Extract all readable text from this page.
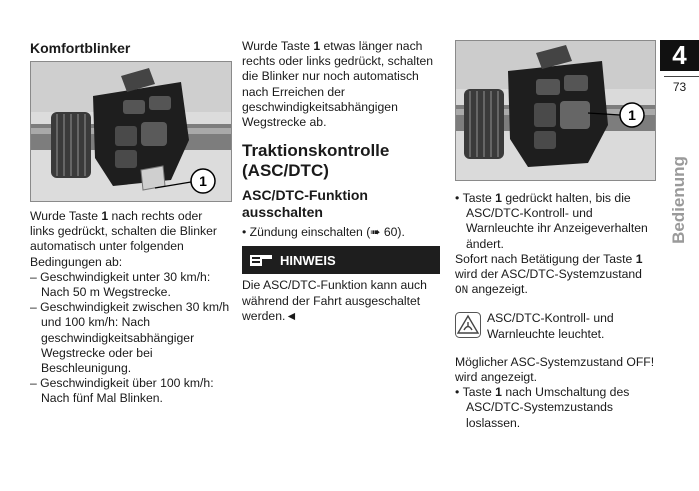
Komfortblinker
1

Wurde Taste 1 nach rechts oder links gedrückt, schalten die Blinker automatisch unter folgenden Bedingungen ab:

– Geschwindigkeit unter 30 km/h: Nach 50 m Wegstrecke.
– Geschwindigkeit zwischen 30 km/h und 100 km/h: Nach geschwindigkeitsabhängiger Wegstrecke oder bei Beschleunigung.
– Geschwindigkeit über 100 km/h: Nach fünf Mal Blinken.

Wurde Taste 1 etwas länger nach rechts oder links gedrückt, schalten die Blinker nur noch automatisch nach Erreichen der geschwindigkeitsabhängigen Wegstrecke ab.

Traktionskontrolle (ASC/DTC)
ASC/DTC-Funktion ausschalten
• Zündung einschalten (➠ 60).
HINWEIS

Die ASC/DTC-Funktion kann auch während der Fahrt ausgeschaltet werden.◄

1
• Taste 1 gedrückt halten, bis die ASC/DTC-Kontroll- und Warnleuchte ihr Anzeigeverhalten ändert.

Sofort nach Betätigung der Taste 1 wird der ASC/DTC-Systemzustand ON angezeigt.

ASC/DTC-Kontroll- und Warnleuchte leuchtet.

Möglicher ASC-Systemzustand OFF! wird angezeigt.

• Taste 1 nach Umschaltung des ASC/DTC-Systemzustands loslassen.
4
73
Bedienung
